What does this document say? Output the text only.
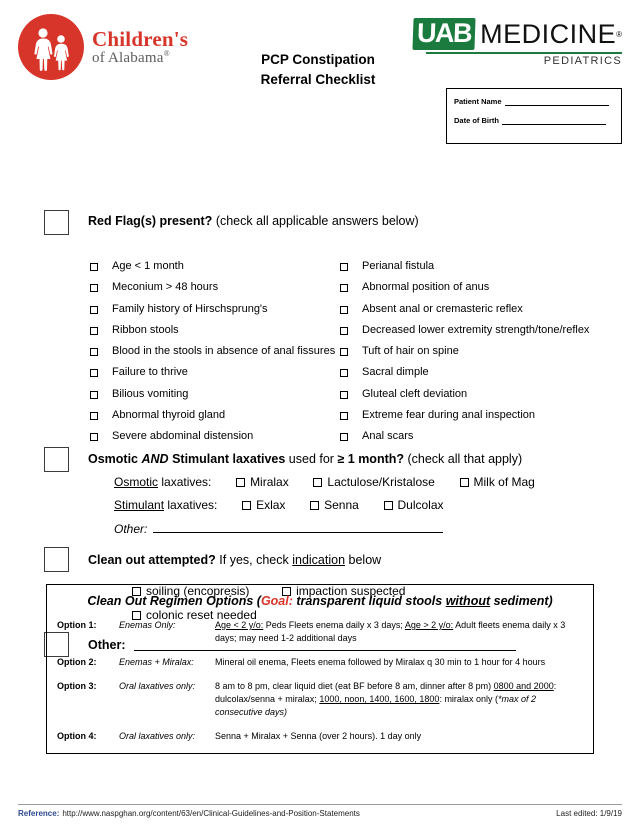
Children's
of Alabama®	PCP Constipation
Referral Checklist
UAB MEDICINE ®
PEDIATRICS
Patient Name
Date of Birth
Red Flag(s) present? (check all applicable answers below)
Age < 1 month
Meconium > 48 hours
Family history of Hirschsprung's
Ribbon stools
Blood in the stools in absence of anal fissures
Failure to thrive
Bilious vomiting
Abnormal thyroid gland
Severe abdominal distension
Perianal fistula
Abnormal position of anus
Absent anal or cremasteric reflex
Decreased lower extremity strength/tone/reflex
Tuft of hair on spine
Sacral dimple
Gluteal cleft deviation
Extreme fear during anal inspection
Anal scars
Osmotic AND Stimulant laxatives used for ≥ 1 month? (check all that apply)
Osmotic laxatives:	Miralax	Lactulose/Kristalose	Milk of Mag
Stimulant laxatives:	Exlax	Senna	Dulcolax
Other:
Clean out attempted? If yes, check indication below
soiling (encopresis)	impaction suspected
colonic reset needed
Other:
Clean Out Regimen Options (Goal: transparent liquid stools without sediment)
Option 1:	Enemas Only:	Age < 2 y/o: Peds Fleets enema daily x 3 days; Age > 2 y/o: Adult fleets enema daily x 3 days; may need 1-2 additional days
Option 2:	Enemas + Miralax:	Mineral oil enema, Fleets enema followed by Miralax q 30 min to 1 hour for 4 hours
Option 3:	Oral laxatives only:	8 am to 8 pm, clear liquid diet (eat BF before 8 am, dinner after 8 pm) 0800 and 2000: dulcolax/senna + miralax; 1000, noon, 1400, 1600, 1800: miralax only (*max of 2 consecutive days)
Option 4:	Oral laxatives only:	Senna + Miralax + Senna (over 2 hours). 1 day only
Reference: http://www.naspghan.org/content/63/en/Clinical-Guidelines-and-Position-Statements	Last edited: 1/9/19
